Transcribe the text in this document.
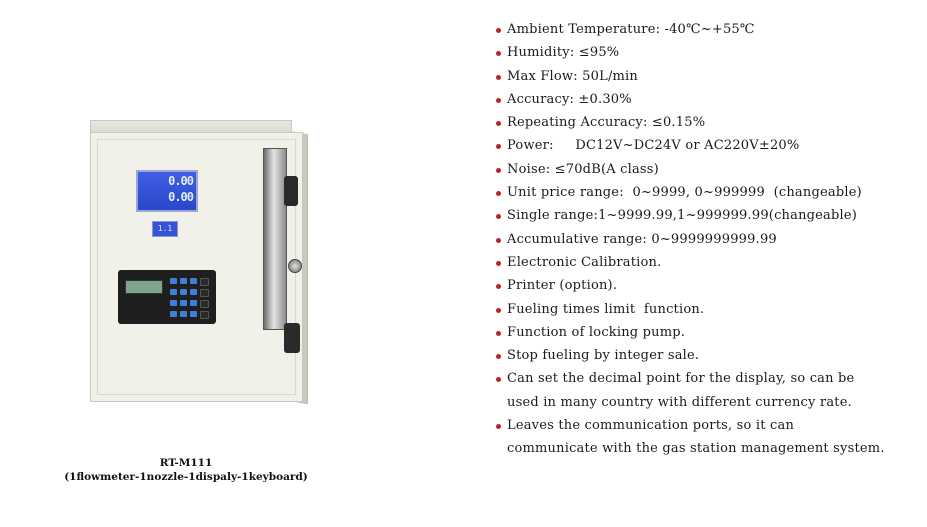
0.00
0.00
1.1
RT-M111
(1flowmeter-1nozzle-1dispaly-1keyboard)
Ambient Temperature: -40℃~+55℃
Humidity: ≤95%
Max Flow: 50L/min
Accuracy: ±0.30%
Repeating Accuracy: ≤0.15%
Power:     DC12V~DC24V or AC220V±20%
Noise: ≤70dB(A class)
Unit price range:  0~9999, 0~999999  (changeable)
Single range:1~9999.99,1~999999.99(changeable)
Accumulative range: 0~9999999999.99
Electronic Calibration.
Printer (option).
Fueling times limit  function.
Function of locking pump.
Stop fueling by integer sale.
Can set the decimal point for the display, so can be
used in many country with different currency rate.
Leaves the communication ports, so it can
communicate with the gas station management system.
